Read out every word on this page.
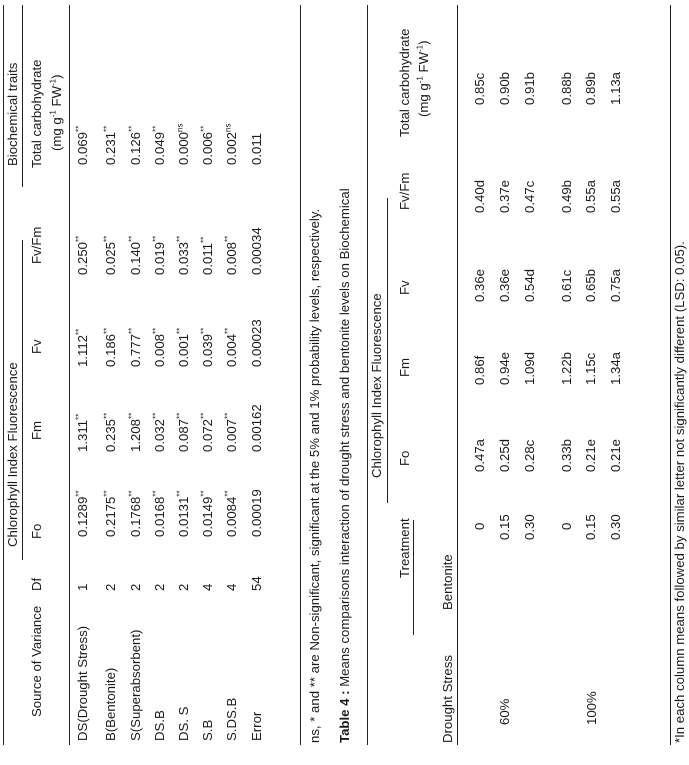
Chlorophyll Index Fluorescence
Biochemical traits
Source of Variance
Df
Fo
Fm
Fv
Fv/Fm
Total carbohydrate (mg $g^{-1}$ $FW^{-1}$)
DS(Drought Stress)
1
0.1289**
1.311**
1.112**
0.250**
0.069**
B(Bentonite)
2
0.2175**
0.235**
0.186**
0.025**
0.231**
S(Superabsorbent)
2
0.1768**
1.208**
0.777**
0.140**
0.126**
DS.B
2
0.0168**
0.032**
0.008**
0.019**
0.049**
DS. S
2
0.0131**
0.087**
0.001**
0.033**
$0.000^{ns}$
S.B
4
0.0149**
0.072**
0.039**
0.011**
0.006**
S.DS.B
4
0.0084**
0.007**
0.004**
0.008**
$0.002^{ns}$
Error
54
0.00019
0.00162
0.00023
0.00034
0.011
ns, * and ** are Non-significant, significant at the 5% and 1% probability levels, respectively. Table 4 : Means comparisons interaction of drought stress and bentonite levels on Biochemical Chlorophyll Index Fluorescence
Treatment
Fo
Fm
Fv
Fv/Fm
Total carbohydrate (mg $g^{-1}$ $FW^{-1}$)
Drought Stress
Bentonite
60%
0
0.47a
0.86f
0.36e
0.40d
0.85c
0.15
0.25d
0.94e
0.36e
0.37e
0.90b
0.30
0.28c
1.09d
0.54d
0.47c
0.91b
100%
0
0.33b
1.22b
0.61c
0.49b
0.88b
0.15
0.21e
1.15c
0.65b
0.55a
0.89b
0.30
0.21e
1.34a
0.75a
0.55a
1.13a
*In each column means followed by similar letter not significantly different (LSD: 0.05).
